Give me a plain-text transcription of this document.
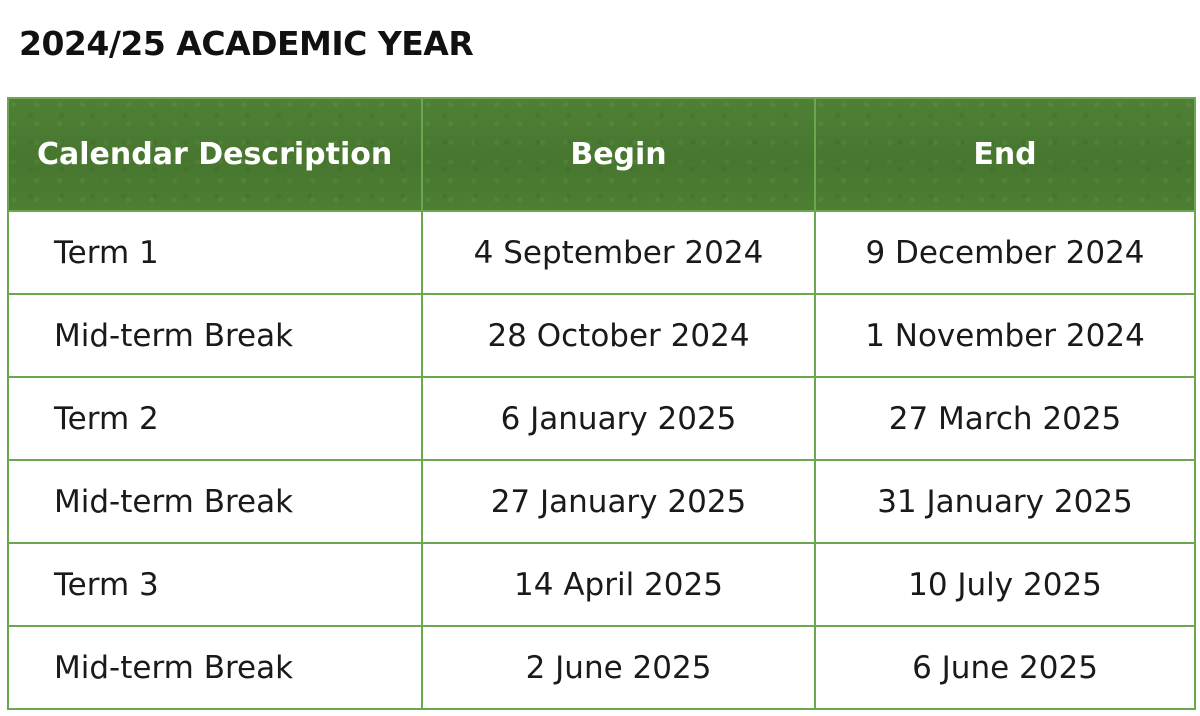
2024/25 ACADEMIC YEAR
Calendar Description	Begin	End
Term 1	4 September 2024	9 December 2024
Mid-term Break	28 October 2024	1 November 2024
Term 2	6 January 2025	27 March 2025
Mid-term Break	27 January 2025	31 January 2025
Term 3	14 April 2025	10 July 2025
Mid-term Break	2 June 2025	6 June 2025
